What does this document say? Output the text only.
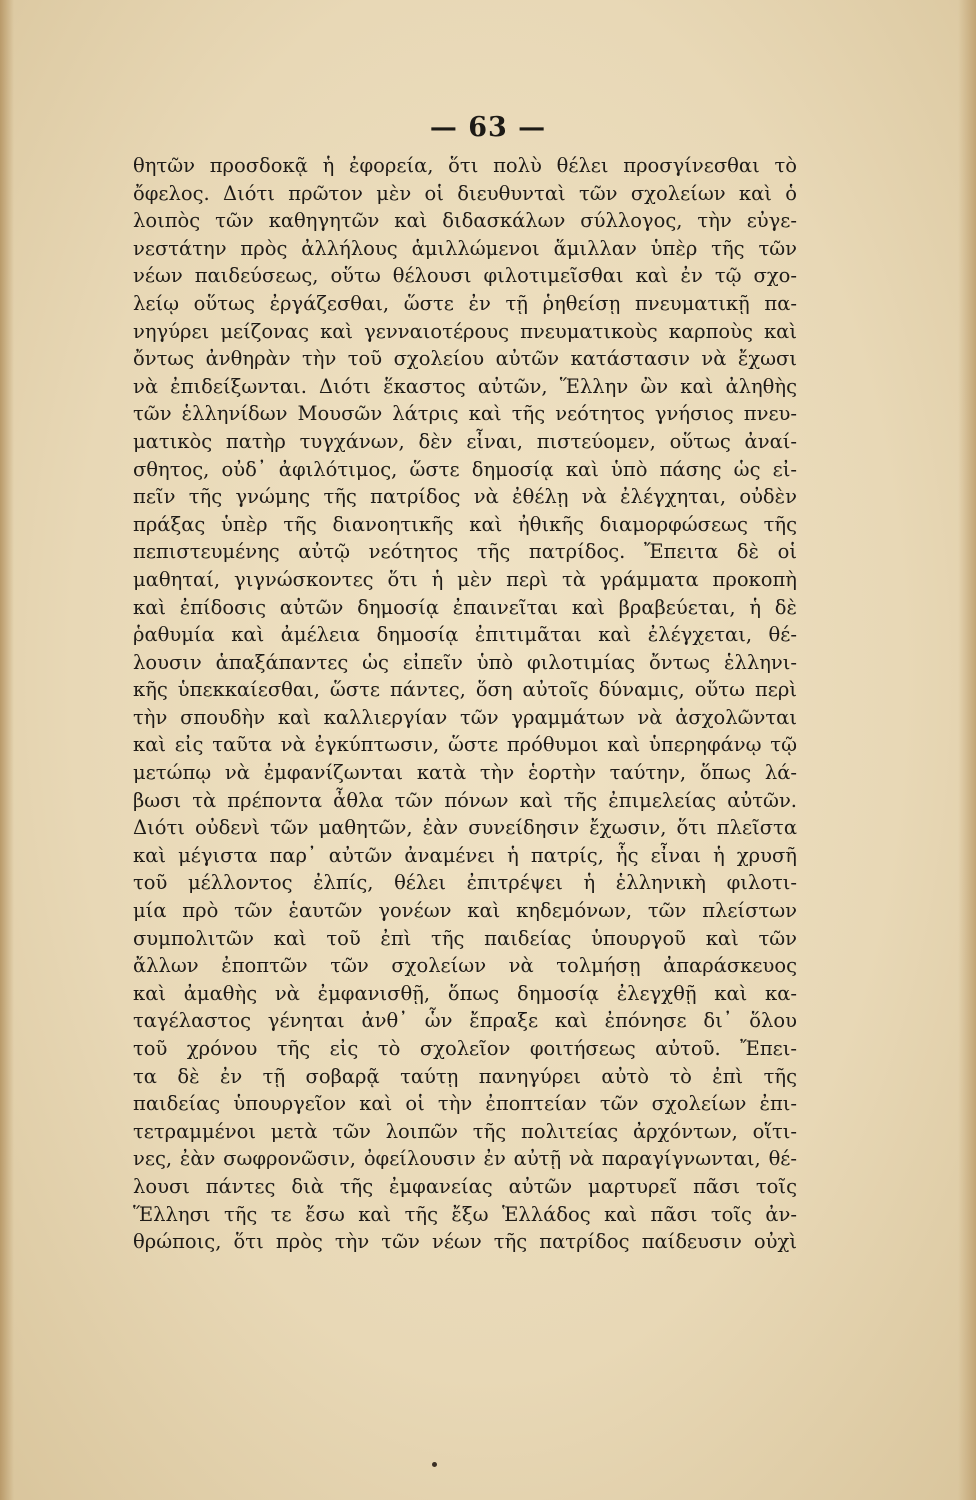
— 63 —
θητῶν προσδοκᾷ ἡ ἐφορεία, ὅτι πολὺ θέλει προσγίνεσθαι τὸ
ὄφελος. Διότι πρῶτον μὲν οἱ διευθυνταὶ τῶν σχολείων καὶ ὁ
λοιπὸς τῶν καθηγητῶν καὶ διδασκάλων σύλλογος, τὴν εὐγε-
νεστάτην πρὸς ἀλλήλους ἁμιλλώμενοι ἅμιλλαν ὑπὲρ τῆς τῶν
νέων παιδεύσεως, οὕτω θέλουσι φιλοτιμεῖσθαι καὶ ἐν τῷ σχο-
λείῳ οὕτως ἐργάζεσθαι, ὥστε ἐν τῇ ῥηθείσῃ πνευματικῇ πα-
νηγύρει μείζονας καὶ γενναιοτέρους πνευματικοὺς καρποὺς καὶ
ὄντως ἀνθηρὰν τὴν τοῦ σχολείου αὐτῶν κατάστασιν νὰ ἔχωσι
νὰ ἐπιδείξωνται. Διότι ἕκαστος αὐτῶν, Ἕλλην ὢν καὶ ἀληθὴς
τῶν ἑλληνίδων Μουσῶν λάτρις καὶ τῆς νεότητος γνήσιος πνευ-
ματικὸς πατὴρ τυγχάνων, δὲν εἶναι, πιστεύομεν, οὕτως ἀναί-
σθητος, οὐδ᾽ ἀφιλότιμος, ὥστε δημοσίᾳ καὶ ὑπὸ πάσης ὡς εἰ-
πεῖν τῆς γνώμης τῆς πατρίδος νὰ ἐθέλῃ νὰ ἐλέγχηται, οὐδὲν
πράξας ὑπὲρ τῆς διανοητικῆς καὶ ἠθικῆς διαμορφώσεως τῆς
πεπιστευμένης αὐτῷ νεότητος τῆς πατρίδος. Ἔπειτα δὲ οἱ
μαθηταί, γιγνώσκοντες ὅτι ἡ μὲν περὶ τὰ γράμματα προκοπὴ
καὶ ἐπίδοσις αὐτῶν δημοσίᾳ ἐπαινεῖται καὶ βραβεύεται, ἡ δὲ
ῥαθυμία καὶ ἀμέλεια δημοσίᾳ ἐπιτιμᾶται καὶ ἐλέγχεται, θέ-
λουσιν ἁπαξάπαντες ὡς εἰπεῖν ὑπὸ φιλοτιμίας ὄντως ἑλληνι-
κῆς ὑπεκκαίεσθαι, ὥστε πάντες, ὅση αὐτοῖς δύναμις, οὕτω περὶ
τὴν σπουδὴν καὶ καλλιεργίαν τῶν γραμμάτων νὰ ἀσχολῶνται
καὶ εἰς ταῦτα νὰ ἐγκύπτωσιν, ὥστε πρόθυμοι καὶ ὑπερηφάνῳ τῷ
μετώπῳ νὰ ἐμφανίζωνται κατὰ τὴν ἑορτὴν ταύτην, ὅπως λά-
βωσι τὰ πρέποντα ἆθλα τῶν πόνων καὶ τῆς ἐπιμελείας αὐτῶν.
Διότι οὐδενὶ τῶν μαθητῶν, ἐὰν συνείδησιν ἔχωσιν, ὅτι πλεῖστα
καὶ μέγιστα παρ᾽ αὐτῶν ἀναμένει ἡ πατρίς, ἧς εἶναι ἡ χρυσῆ
τοῦ μέλλοντος ἐλπίς, θέλει ἐπιτρέψει ἡ ἑλληνικὴ φιλοτι-
μία πρὸ τῶν ἑαυτῶν γονέων καὶ κηδεμόνων, τῶν πλείστων
συμπολιτῶν καὶ τοῦ ἐπὶ τῆς παιδείας ὑπουργοῦ καὶ τῶν
ἄλλων ἐποπτῶν τῶν σχολείων νὰ τολμήσῃ ἀπαράσκευος
καὶ ἀμαθὴς νὰ ἐμφανισθῇ, ὅπως δημοσίᾳ ἐλεγχθῇ καὶ κα-
ταγέλαστος γένηται ἀνθ᾽ ὧν ἔπραξε καὶ ἐπόνησε δι᾽ ὅλου
τοῦ χρόνου τῆς εἰς τὸ σχολεῖον φοιτήσεως αὐτοῦ. Ἔπει-
τα δὲ ἐν τῇ σοβαρᾷ ταύτῃ πανηγύρει αὐτὸ τὸ ἐπὶ τῆς
παιδείας ὑπουργεῖον καὶ οἱ τὴν ἐποπτείαν τῶν σχολείων ἐπι-
τετραμμένοι μετὰ τῶν λοιπῶν τῆς πολιτείας ἀρχόντων, οἵτι-
νες, ἐὰν σωφρονῶσιν, ὀφείλουσιν ἐν αὐτῇ νὰ παραγίγνωνται, θέ-
λουσι πάντες διὰ τῆς ἐμφανείας αὐτῶν μαρτυρεῖ πᾶσι τοῖς
Ἕλλησι τῆς τε ἔσω καὶ τῆς ἔξω Ἑλλάδος καὶ πᾶσι τοῖς ἀν-
θρώποις, ὅτι πρὸς τὴν τῶν νέων τῆς πατρίδος παίδευσιν οὐχὶ
